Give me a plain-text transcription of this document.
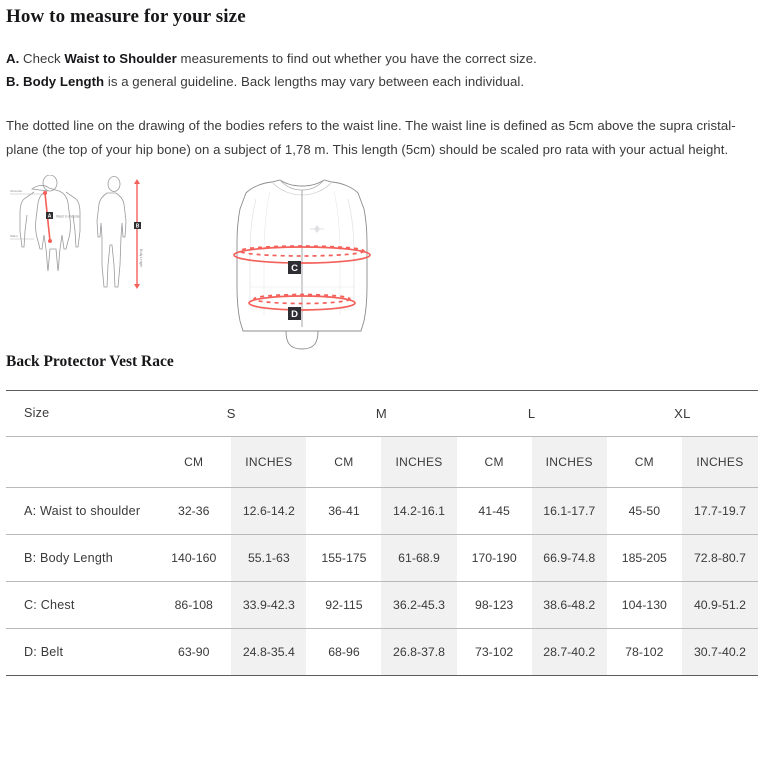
How to measure for your size

A. Check Waist to Shoulder measurements to find out whether you have the correct size.
B. Body Length is a general guideline. Back lengths may vary between each individual.

The dotted line on the drawing of the bodies refers to the waist line. The waist line is defined as 5cm above the supra cristal-plane (the top of your hip bone) on a subject of 1,78 m. This length (5cm) should be scaled pro rata with your actual height.

Shoulder
Waist
A Waist to shoulder
B
Body Length
C
D
Back Protector Vest Race
Size	S		M		L		XL	
	CM	INCHES	CM	INCHES	CM	INCHES	CM	INCHES
A: Waist to shoulder	32-36	12.6-14.2	36-41	14.2-16.1	41-45	16.1-17.7	45-50	17.7-19.7
B: Body Length	140-160	55.1-63	155-175	61-68.9	170-190	66.9-74.8	185-205	72.8-80.7
C: Chest	86-108	33.9-42.3	92-115	36.2-45.3	98-123	38.6-48.2	104-130	40.9-51.2
D: Belt	63-90	24.8-35.4	68-96	26.8-37.8	73-102	28.7-40.2	78-102	30.7-40.2
